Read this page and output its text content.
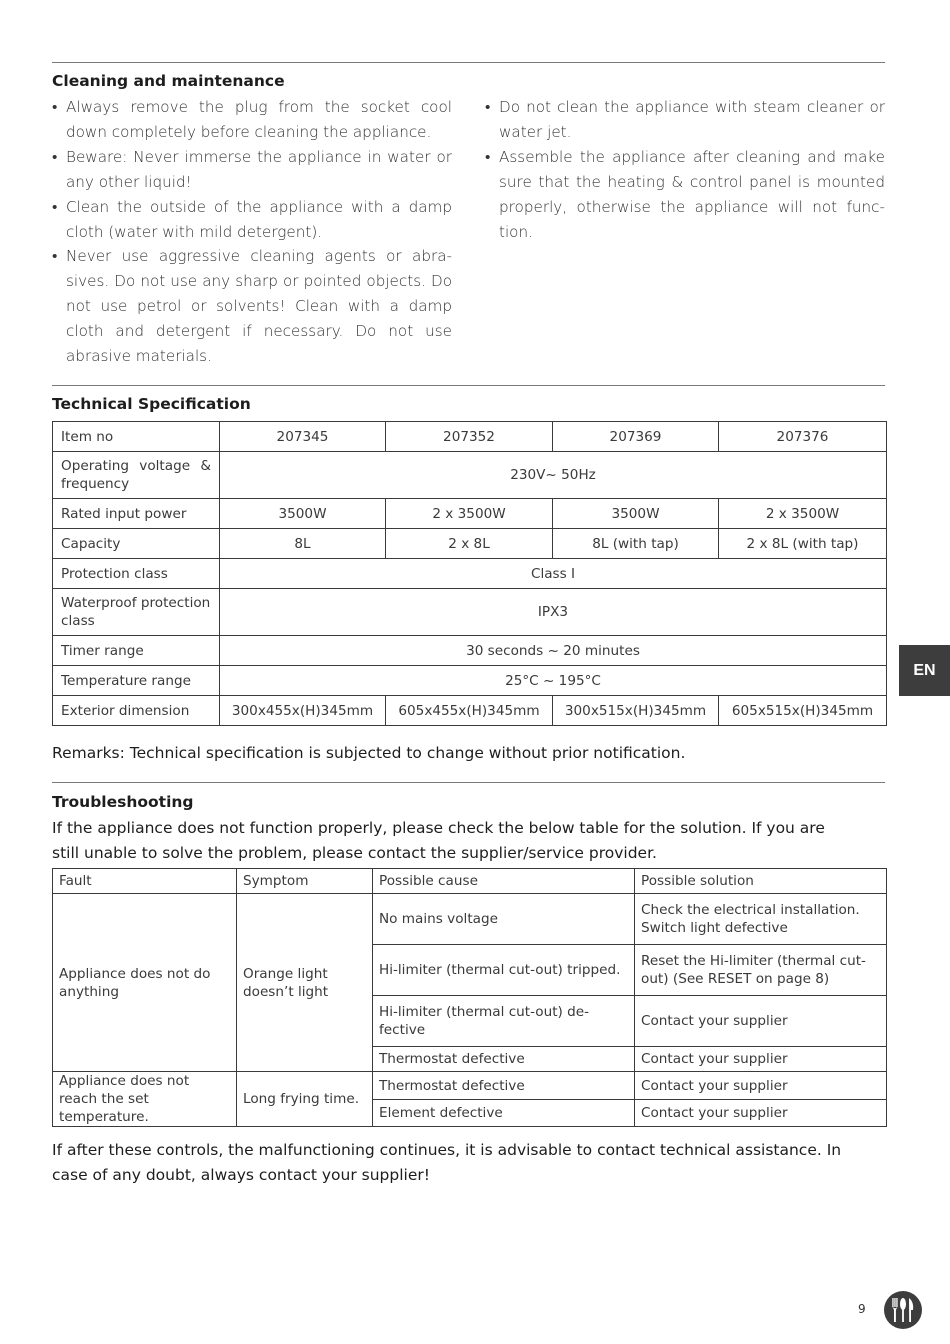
Cleaning and maintenance
• Always remove the plug from the socket cool down completely before cleaning the appliance.
• Beware: Never immerse the appliance in water or any other liquid!
• Clean the outside of the appliance with a damp cloth (water with mild detergent).
• Never use aggressive cleaning agents or abra-sives. Do not use any sharp or pointed objects. Do not use petrol or solvents! Clean with a damp cloth and detergent if necessary. Do not use abrasive materials.
• Do not clean the appliance with steam cleaner or water jet.
• Assemble the appliance after cleaning and make sure that the heating & control panel is mounted properly, otherwise the appliance will not func-tion.
Technical Specification
Item no	207345	207352	207369	207376
Operating voltage & frequency	230V~ 50Hz			
Rated input power	3500W	2 x 3500W	3500W	2 x 3500W
Capacity	8L	2 x 8L	8L (with tap)	2 x 8L (with tap)
Protection class	Class I			
Waterproof protection class	IPX3			
Timer range	30 seconds ~ 20 minutes			
Temperature range	25°C ~ 195°C			
Exterior dimension	300x455x(H)345mm	605x455x(H)345mm	300x515x(H)345mm	605x515x(H)345mm
Remarks: Technical specification is subjected to change without prior notification.
Troubleshooting
If the appliance does not function properly, please check the below table for the solution. If you are still unable to solve the problem, please contact the supplier/service provider.
Fault	Symptom	Possible cause	Possible solution
Appliance does not do anything	Orange light doesn’t light	No mains voltage	Check the electrical installation. Switch light defective
		Hi-limiter (thermal cut-out) tripped.	Reset the Hi-limiter (thermal cut-out) (See RESET on page 8)
		Hi-limiter (thermal cut-out) de-fective	Contact your supplier
		Thermostat defective	Contact your supplier
Appliance does not reach the set temperature.	Long frying time.	Thermostat defective	Contact your supplier
		Element defective	Contact your supplier
If after these controls, the malfunctioning continues, it is advisable to contact technical assistance. In case of any doubt, always contact your supplier!
EN
9
